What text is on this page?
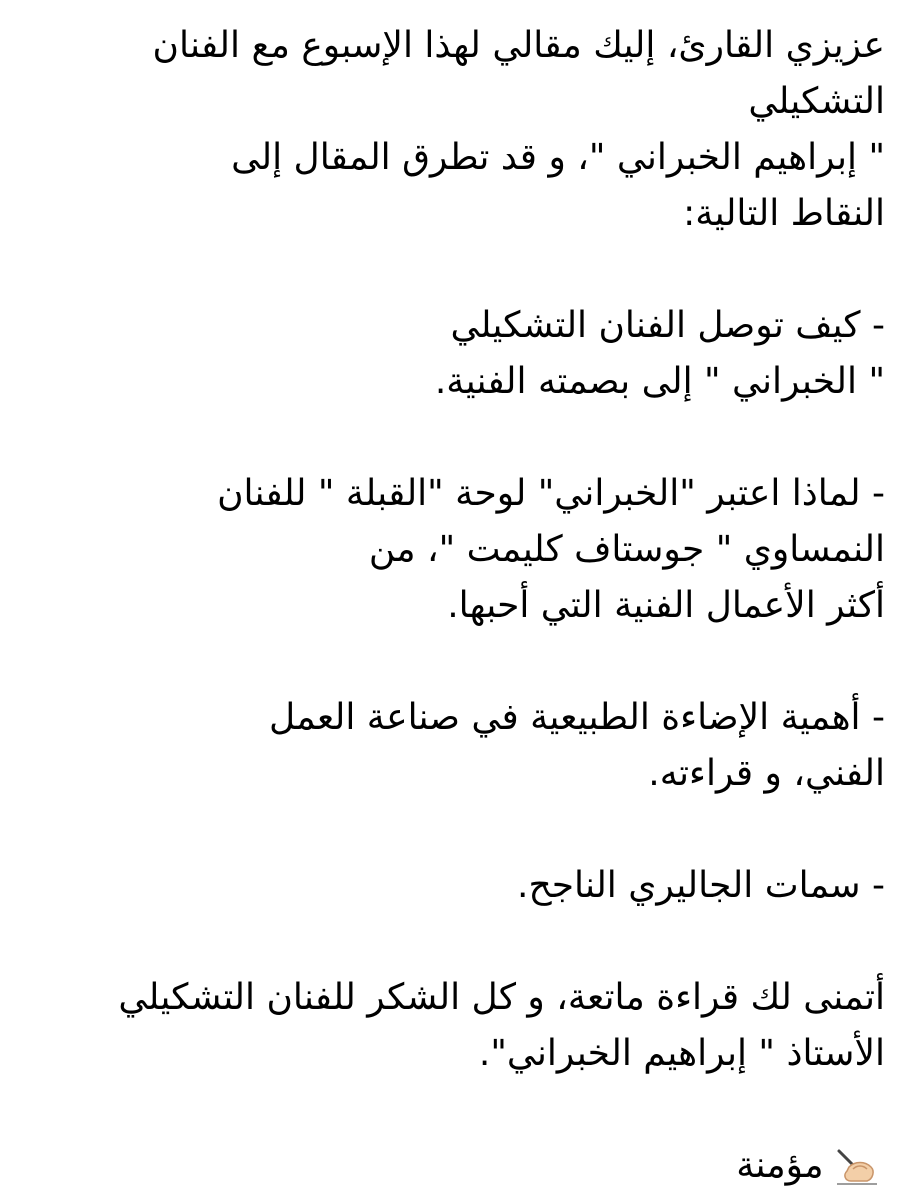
عزيزي القارئ، إليك مقالي لهذا الإسبوع مع الفنان
التشكيلي
" إبراهيم الخبراني "، و قد تطرق المقال إلى
النقاط التالية:
- كيف توصل الفنان التشكيلي
" الخبراني " إلى بصمته الفنية.
- لماذا اعتبر "الخبراني" لوحة "القبلة " للفنان
النمساوي " جوستاف كليمت "، من
أكثر الأعمال الفنية التي أحبها.
- أهمية الإضاءة الطبيعية في صناعة العمل
الفني، و قراءته.
- سمات الجاليري الناجح.
أتمنى لك قراءة ماتعة، و كل الشكر للفنان التشكيلي
الأستاذ " إبراهيم الخبراني".
مؤمنة
